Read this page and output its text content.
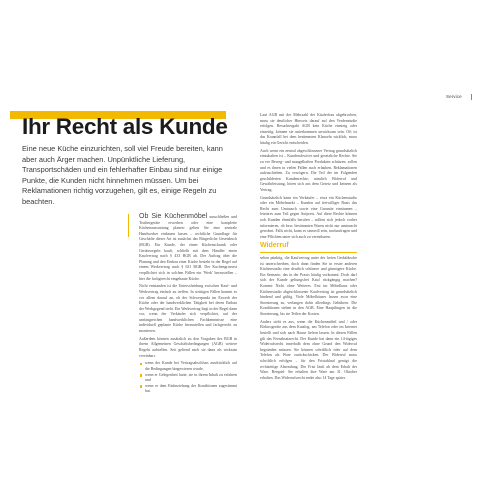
Service
Ihr Recht als Kunde

Eine neue Küche einzurichten, soll viel Freude bereiten, kann aber auch Ärger machen. Unpünktliche Lieferung, Transportschäden und ein fehlerhafter Einbau sind nur einige Punkte, die Kunden nicht hinnehmen müssen. Um bei Reklamationen richtig vorzugehen, gilt es, einige Regeln zu beachten.

Ob Sie Küchenmöbel ausschließen und Truthergeräte erwerben oder eine komplette Küchenausstattung planen: gelten Sie eine zentrale Handwerker einbauen lassen – rechtliche Grundlage für Geschäfte dieser Art ist zunächst das Bürgerliche Gesetzbuch (BGB). Ein Kunde, der einen Küchenschrank oder Gerätssregeln kauft, schließt mit dem Händler einen Kaufvertrag nach § 433 BGB ab. Der Auftrag über die Planung und den Einbau einer Küche besteht in der Regel auf einem Werkvertrag nach § 631 BGB. Der Kuchengrossest verpflichtet sich in solchen Fällen ein 'Werk' herzustellen – hier die fachgerecht eingebaute Küche.

Nicht entstanden ist die Unterscheidung zwischen Kauf- und Werkvertrag einfach zu treffen. In strittigen Fällen kommt es vor allem darauf an, ob der Schwerpunkt im Erwerb der Küche oder der handwerklichen Tätigkeit bei deren Einbau der Werkgegend steht. Ein Werkvertrag liegt in der Regel dann vor, wenn der Verkäufer sich verpflichtet, auf der umfangreichen handwerklichen Fachkenntnisse eine individuell geplante Küche herzustellen und fachgerecht zu montieren.

Außerdem können zusätzlich zu den Vorgaben des BGB in ihrem Allgemeinen Geschäftsbedingungen (AGB) weitere Regeln aufstellen. Seit geltend nach sie dann als wirksam vereinbart.

wenn der Kunde bei Vertragsabschluss ausdrücklich auf die Bedingungen hingewiesen wurde,
wenn er Gelegenheit hatte, sie in ihrem Inhalt zu erfahren und
wenn er dem Einbeziehung der Konditionen zugestimmt hat.

Laut AGB mit der Mehrzahl der Käuferfrau abgebrochen, muss sie deutlicher Hinweis darauf auf den Verdenstudie erfolgen. Besuchtergabt AGB kein Küche einsteig oder einseitig, können sie unterkommen unwirksam sein. Oft ist das Kraanfall bei dem bestimmten Klauseln wirklich, muss häufig ein Gericht entscheiden.

Auch wenn ein zentral abgeschlossener Vertrag grundsätzlich einzuhalten ist – Kundenchwiver und gesetzliche Rechte. Sie zu ver Beweg- und mangelhaften Produkten schützen, sollen und es ihnen in vielen Fällen auch erlauben, Reklamationen aufzuschieben. Zu verzögern. Die Teil der im Folgenden geschilderten Kundenrechte, nämlich Widerruf und Gewährleistung, hören sich aus dem Gesetz und keinem als Vertrag.

Grundsätzlich kann ein Verkäufer – etwa ein Küchenstudio oder ein Möbelmarkt – Kunden auf freiwilliger Basis das Recht zum Umtausch sowie eine Garantie einräumen – letzteres zum Teil gegen Aufpreis. Auf diese Rechte können sich Kunden ebenfalls berufen – sollten sich jedoch vorher informieren, ob bzw. bestimmten Waren nicht nur umtauscht gewohnt. Falls nicht, kann es sinnvoll sein, nachzufragen und eine Pflichten unter sich auch zu vereinbaren.

Widerruf

selten pünktig, die Kaufvertrag unter der freien Geduldssche ist unterschreiben, doch dann finden Sie in erster anderen Küchenstudio eine deutlich schönere und günstigere Küche. Ein Szenario, das in der Praxis häufig vorkommt. Doch darf sich der Kunde geltungsfrei Kauf rückgängig machen? Kommt: Nicht ohne Weiteres. Erst im Möbelhaus oder Küchenstudio abgeschlossener Kaufvertrag ist grundsätzlich bindend und gültig. Viele Möbelhäuser lassen zwar eine Stornierung zu, verlangen dafür allerdings Gebühren. Die Konditionen stehen in den AGB. Eine Hauptlingen ist die Stornierung, bis sie Teilen der Kosten.

Anders sieht es aus, wenn die Küchenmöbel und / oder Elektrogeräte aus dem Katalog, am Telefon oder im Internet bestellt und sich nach Hause liefern lassen. In diesen Fällen gilt das Fernabsatzrecht. Der Kunde hat dann ein 14-tägiges Widerrufsrecht innerhalb dem ohne Grund den Widerruf begründen müssen. Sie können schriftlich oder auf dem Telefon als Ware zurückschicken. Der Widerruf muss schriftlich erfolgen – für den Fristablauf genügt die rechtzeitige Absendung. Die Frist läuft ab dem Erhalt der Ware. Beispiel: Sie erhalten ihre Ware am 31. Oktober erhalten. Das Widerrufsrecht endet also 14 Tage später.
